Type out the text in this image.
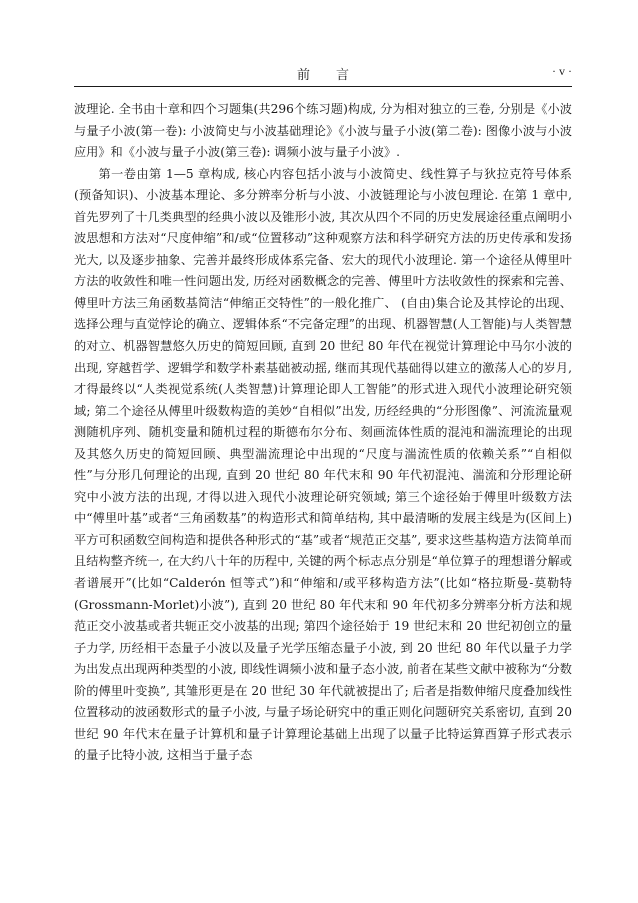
前言	· v ·

波理论. 全书由十章和四个习题集(共296个练习题)构成, 分为相对独立的三卷, 分别是《小波与量子小波(第一卷): 小波简史与小波基础理论》《小波与量子小波(第二卷): 图像小波与小波应用》和《小波与量子小波(第三卷): 调频小波与量子小波》.

第一卷由第 1—5 章构成, 核心内容包括小波与小波简史、线性算子与狄拉克符号体系(预备知识)、小波基本理论、多分辨率分析与小波、小波链理论与小波包理论. 在第 1 章中, 首先罗列了十几类典型的经典小波以及锥形小波, 其次从四个不同的历史发展途径重点阐明小波思想和方法对“尺度伸缩”和/或“位置移动”这种观察方法和科学研究方法的历史传承和发扬光大, 以及逐步抽象、完善并最终形成体系完备、宏大的现代小波理论. 第一个途径从傅里叶方法的收敛性和唯一性问题出发, 历经对函数概念的完善、傅里叶方法收敛性的探索和完善、傅里叶方法三角函数基简洁“伸缩正交特性”的一般化推广、 (自由)集合论及其悖论的出现、选择公理与直觉悖论的确立、逻辑体系“不完备定理”的出现、机器智慧(人工智能)与人类智慧的对立、机器智慧悠久历史的简短回顾, 直到 20 世纪 80 年代在视觉计算理论中马尔小波的出现, 穿越哲学、逻辑学和数学朴素基础被动摇, 继而其现代基础得以建立的激荡人心的岁月, 才得最终以“人类视觉系统(人类智慧)计算理论即人工智能”的形式进入现代小波理论研究领域; 第二个途径从傅里叶级数构造的美妙“自相似”出发, 历经经典的“分形图像”、河流流量观测随机序列、随机变量和随机过程的斯德布尔分布、刻画流体性质的混沌和湍流理论的出现及其悠久历史的简短回顾、典型湍流理论中出现的“尺度与湍流性质的依赖关系”“自相似性”与分形几何理论的出现, 直到 20 世纪 80 年代末和 90 年代初混沌、湍流和分形理论研究中小波方法的出现, 才得以进入现代小波理论研究领域; 第三个途径始于傅里叶级数方法中“傅里叶基”或者“三角函数基”的构造形式和简单结构, 其中最清晰的发展主线是为(区间上)平方可积函数空间构造和提供各种形式的“基”或者“规范正交基”, 要求这些基构造方法简单而且结构整齐统一, 在大约八十年的历程中, 关键的两个标志点分别是“单位算子的理想谱分解或者谱展开”(比如“Calderón 恒等式”)和“伸缩和/或平移构造方法”(比如“格拉斯曼-莫勒特(Grossmann-Morlet)小波”), 直到 20 世纪 80 年代末和 90 年代初多分辨率分析方法和规范正交小波基或者共轭正交小波基的出现; 第四个途径始于 19 世纪末和 20 世纪初创立的量子力学, 历经相干态量子小波以及量子光学压缩态量子小波, 到 20 世纪 80 年代以量子力学为出发点出现两种类型的小波, 即线性调频小波和量子态小波, 前者在某些文献中被称为“分数阶的傅里叶变换”, 其雏形更是在 20 世纪 30 年代就被提出了; 后者是指数伸缩尺度叠加线性位置移动的波函数形式的量子小波, 与量子场论研究中的重正则化问题研究关系密切, 直到 20 世纪 90 年代末在量子计算机和量子计算理论基础上出现了以量子比特运算酉算子形式表示的量子比特小波, 这相当于量子态
